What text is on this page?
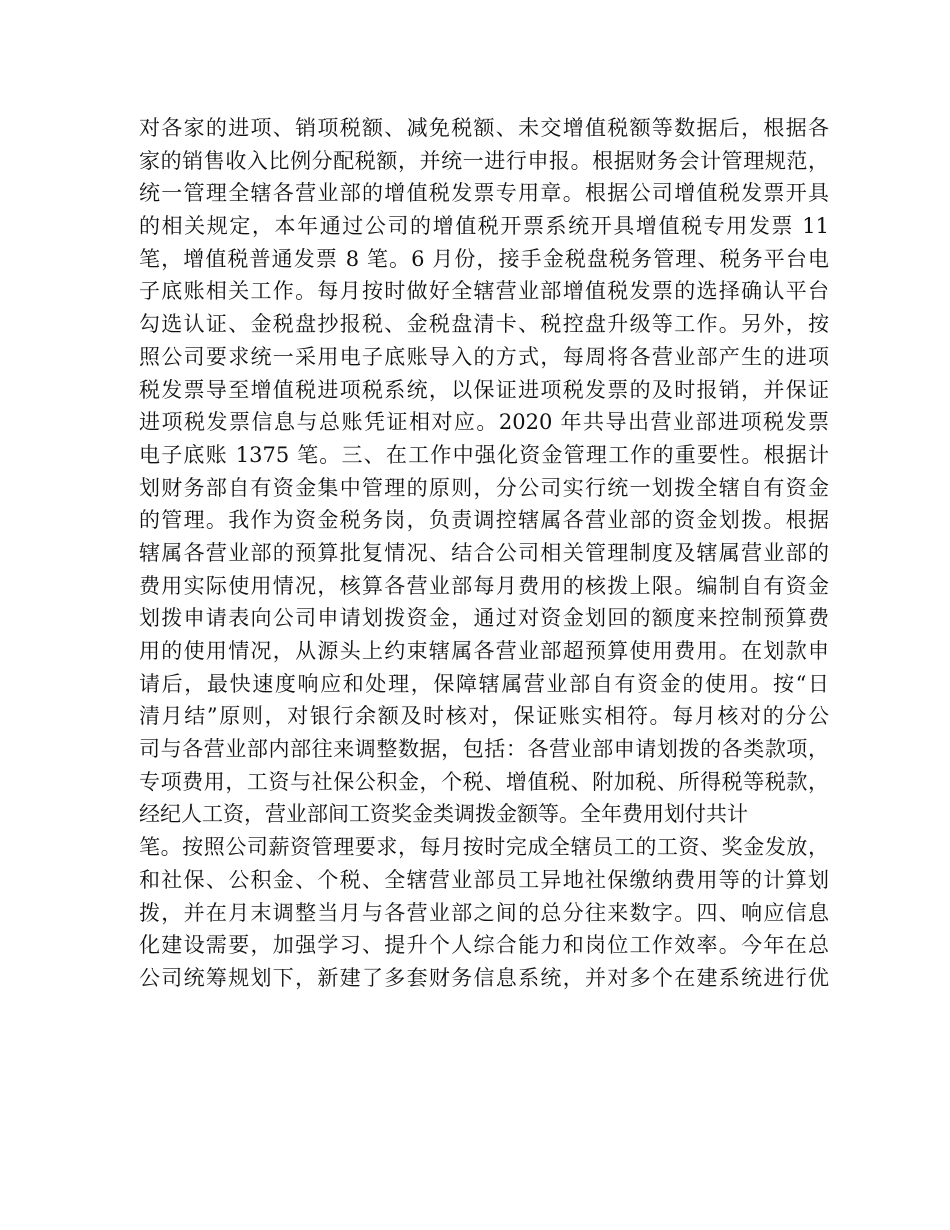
对各家的进项、销项税额、减免税额、未交增值税额等数据后，根据各
家的销售收入比例分配税额，并统一进行申报。根据财务会计管理规范，
统一管理全辖各营业部的增值税发票专用章。根据公司增值税发票开具
的相关规定，本年通过公司的增值税开票系统开具增值税专用发票 11
笔，增值税普通发票 8 笔。6 月份，接手金税盘税务管理、税务平台电
子底账相关工作。每月按时做好全辖营业部增值税发票的选择确认平台
勾选认证、金税盘抄报税、金税盘清卡、税控盘升级等工作。另外，按
照公司要求统一采用电子底账导入的方式，每周将各营业部产生的进项
税发票导至增值税进项税系统，以保证进项税发票的及时报销，并保证
进项税发票信息与总账凭证相对应。2020 年共导出营业部进项税发票
电子底账 1375 笔。三、在工作中强化资金管理工作的重要性。根据计
划财务部自有资金集中管理的原则，分公司实行统一划拨全辖自有资金
的管理。我作为资金税务岗，负责调控辖属各营业部的资金划拨。根据
辖属各营业部的预算批复情况、结合公司相关管理制度及辖属营业部的
费用实际使用情况，核算各营业部每月费用的核拨上限。编制自有资金
划拨申请表向公司申请划拨资金，通过对资金划回的额度来控制预算费
用的使用情况，从源头上约束辖属各营业部超预算使用费用。在划款申
请后，最快速度响应和处理，保障辖属营业部自有资金的使用。按“日
清月结”原则，对银行余额及时核对，保证账实相符。每月核对的分公
司与各营业部内部往来调整数据，包括：各营业部申请划拨的各类款项，
专项费用，工资与社保公积金，个税、增值税、附加税、所得税等税款，
经纪人工资，营业部间工资奖金类调拨金额等。全年费用划付共计
笔。按照公司薪资管理要求，每月按时完成全辖员工的工资、奖金发放，
和社保、公积金、个税、全辖营业部员工异地社保缴纳费用等的计算划
拨，并在月末调整当月与各营业部之间的总分往来数字。四、响应信息
化建设需要，加强学习、提升个人综合能力和岗位工作效率。今年在总
公司统筹规划下，新建了多套财务信息系统，并对多个在建系统进行优
